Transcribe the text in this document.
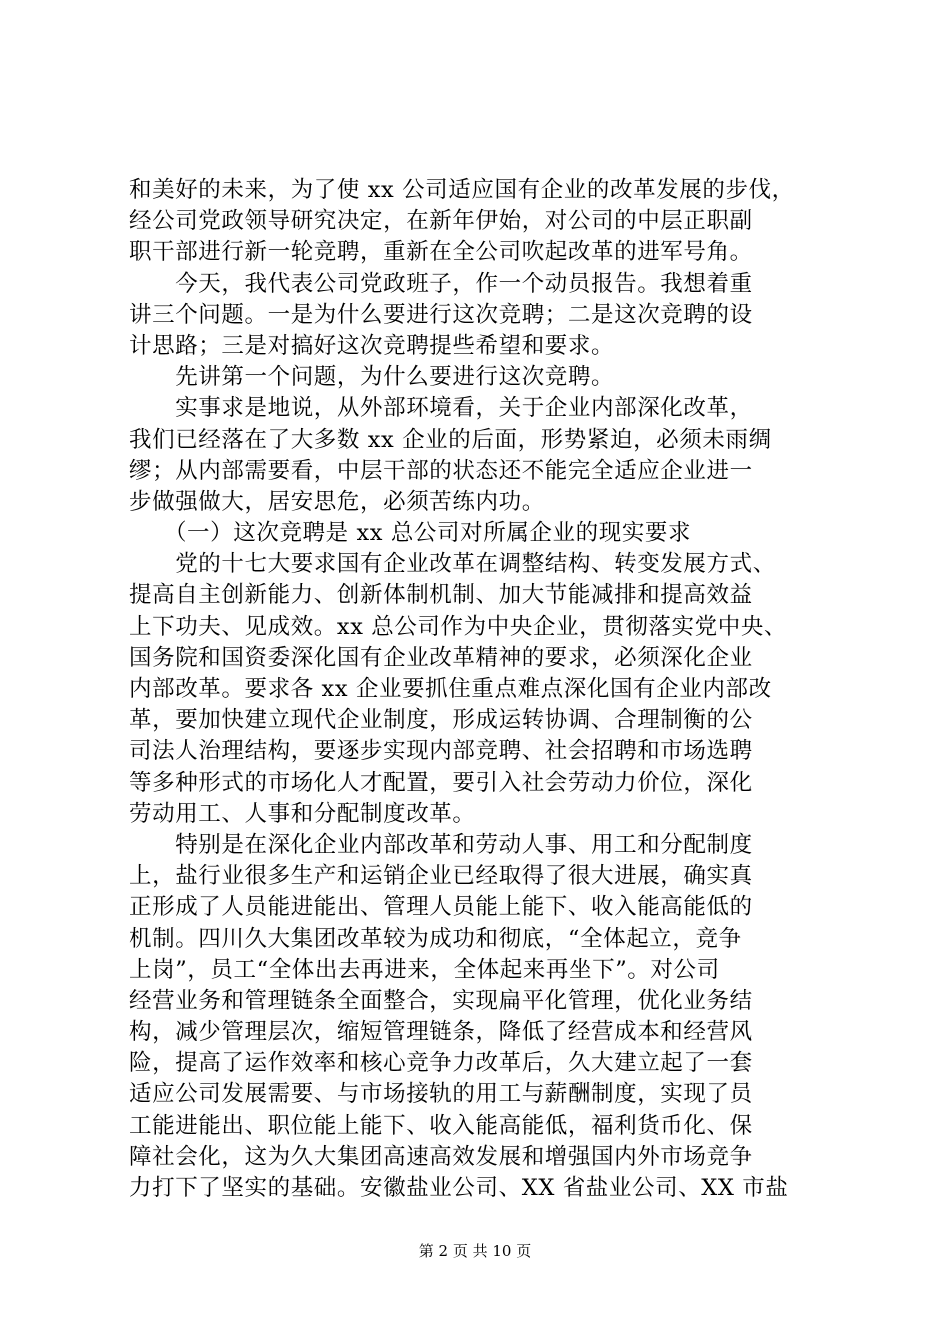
和美好的未来，为了使 xx 公司适应国有企业的改革发展的步伐，
经公司党政领导研究决定，在新年伊始，对公司的中层正职副
职干部进行新一轮竞聘，重新在全公司吹起改革的进军号角。
　　今天，我代表公司党政班子，作一个动员报告。我想着重
讲三个问题。一是为什么要进行这次竞聘；二是这次竞聘的设
计思路；三是对搞好这次竞聘提些希望和要求。
　　先讲第一个问题，为什么要进行这次竞聘。
　　实事求是地说，从外部环境看，关于企业内部深化改革，
我们已经落在了大多数 xx 企业的后面，形势紧迫，必须未雨绸
缪；从内部需要看，中层干部的状态还不能完全适应企业进一
步做强做大，居安思危，必须苦练内功。
　　（一）这次竞聘是 xx 总公司对所属企业的现实要求
　　党的十七大要求国有企业改革在调整结构、转变发展方式、
提高自主创新能力、创新体制机制、加大节能减排和提高效益
上下功夫、见成效。xx 总公司作为中央企业，贯彻落实党中央、
国务院和国资委深化国有企业改革精神的要求，必须深化企业
内部改革。要求各 xx 企业要抓住重点难点深化国有企业内部改
革，要加快建立现代企业制度，形成运转协调、合理制衡的公
司法人治理结构，要逐步实现内部竞聘、社会招聘和市场选聘
等多种形式的市场化人才配置，要引入社会劳动力价位，深化
劳动用工、人事和分配制度改革。
　　特别是在深化企业内部改革和劳动人事、用工和分配制度
上，盐行业很多生产和运销企业已经取得了很大进展，确实真
正形成了人员能进能出、管理人员能上能下、收入能高能低的
机制。四川久大集团改革较为成功和彻底，“全体起立，竞争
上岗”，员工“全体出去再进来，全体起来再坐下”。对公司
经营业务和管理链条全面整合，实现扁平化管理，优化业务结
构，减少管理层次，缩短管理链条，降低了经营成本和经营风
险，提高了运作效率和核心竞争力改革后，久大建立起了一套
适应公司发展需要、与市场接轨的用工与薪酬制度，实现了员
工能进能出、职位能上能下、收入能高能低，福利货币化、保
障社会化，这为久大集团高速高效发展和增强国内外市场竞争
力打下了坚实的基础。安徽盐业公司、XX 省盐业公司、XX 市盐
第 2 页 共 10 页
